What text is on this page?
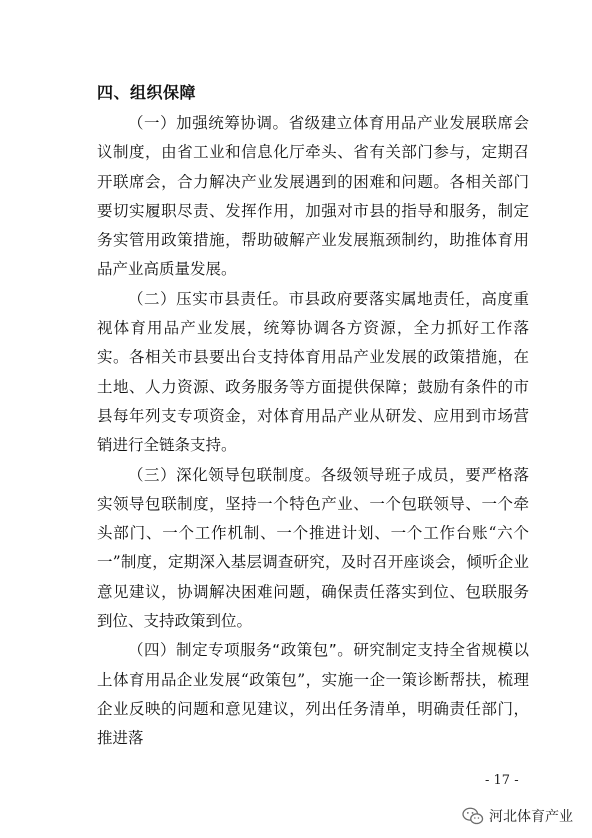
四、组织保障

（一）加强统筹协调。省级建立体育用品产业发展联席会议制度，由省工业和信息化厅牵头、省有关部门参与，定期召开联席会，合力解决产业发展遇到的困难和问题。各相关部门要切实履职尽责、发挥作用，加强对市县的指导和服务，制定务实管用政策措施，帮助破解产业发展瓶颈制约，助推体育用品产业高质量发展。

（二）压实市县责任。市县政府要落实属地责任，高度重视体育用品产业发展，统筹协调各方资源，全力抓好工作落实。各相关市县要出台支持体育用品产业发展的政策措施，在土地、人力资源、政务服务等方面提供保障；鼓励有条件的市县每年列支专项资金，对体育用品产业从研发、应用到市场营销进行全链条支持。

（三）深化领导包联制度。各级领导班子成员，要严格落实领导包联制度，坚持一个特色产业、一个包联领导、一个牵头部门、一个工作机制、一个推进计划、一个工作台账“六个一”制度，定期深入基层调查研究，及时召开座谈会，倾听企业意见建议，协调解决困难问题，确保责任落实到位、包联服务到位、支持政策到位。

（四）制定专项服务“政策包”。研究制定支持全省规模以上体育用品企业发展“政策包”，实施一企一策诊断帮扶，梳理企业反映的问题和意见建议，列出任务清单，明确责任部门，推进落

- 17 -
河北体育产业
